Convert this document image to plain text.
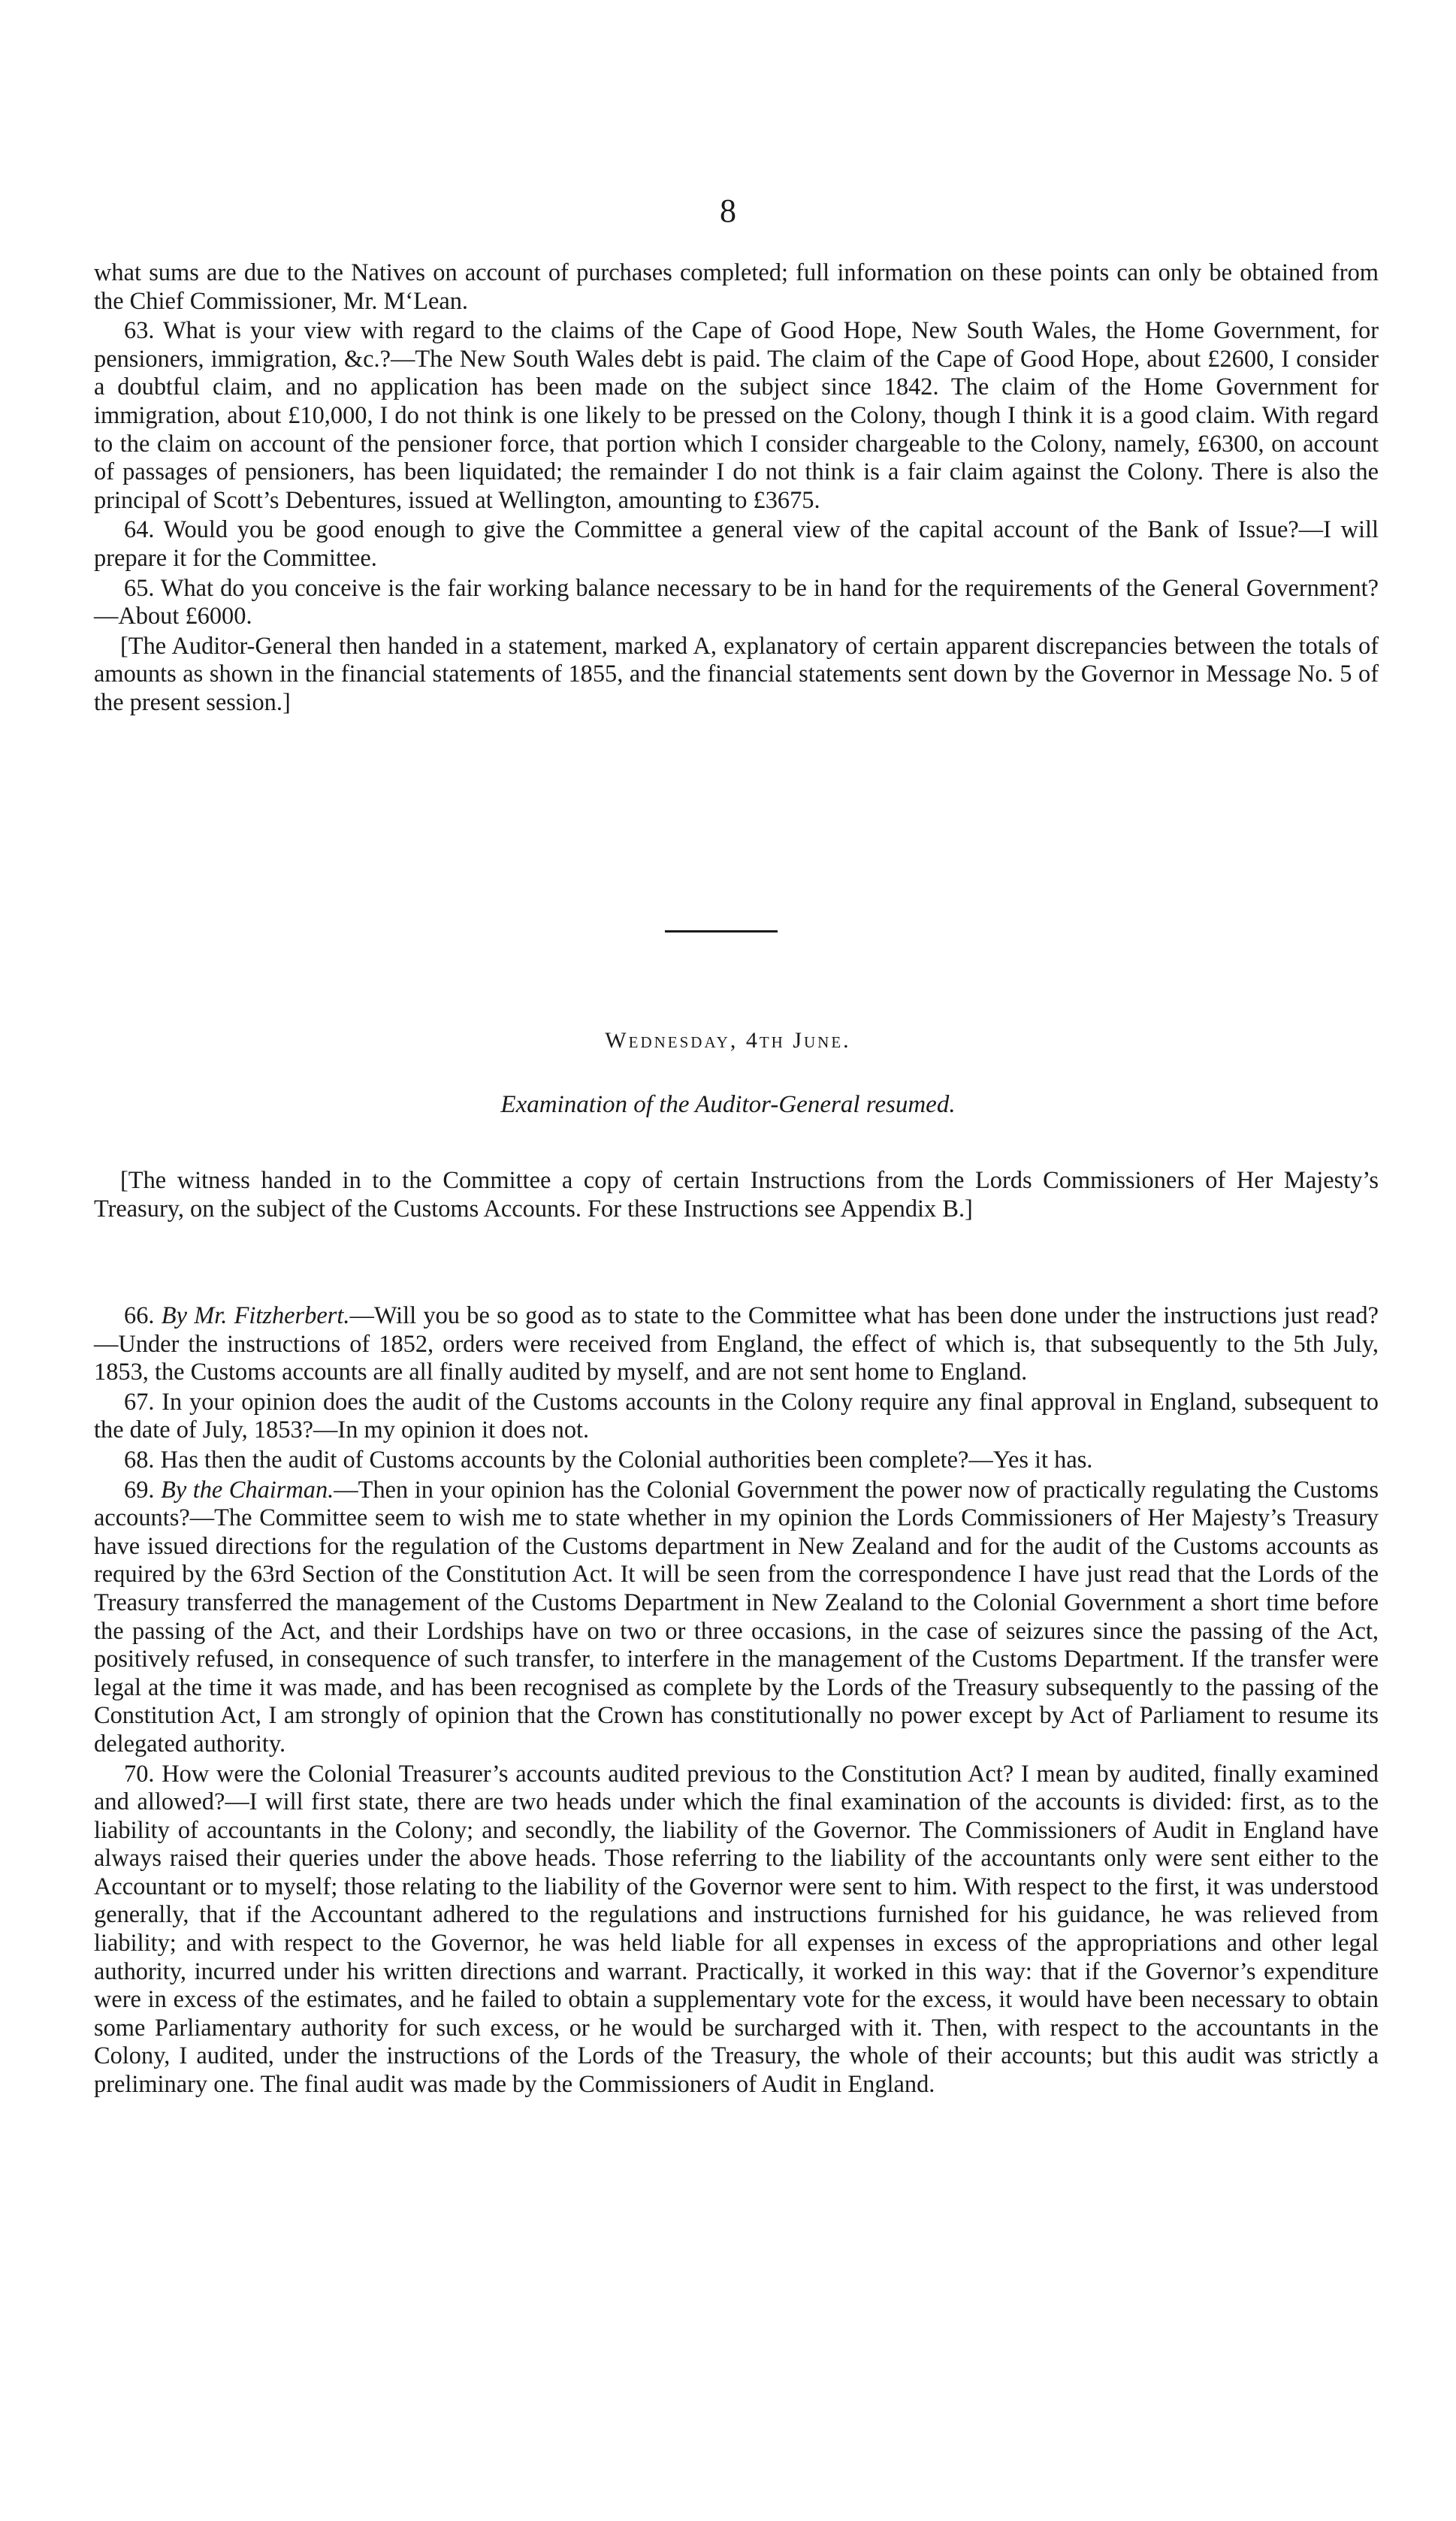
8

what sums are due to the Natives on account of purchases completed; full information on these points can only be obtained from the Chief Commissioner, Mr. M‘Lean.

63. What is your view with regard to the claims of the Cape of Good Hope, New South Wales, the Home Government, for pensioners, immigration, &c.?—The New South Wales debt is paid. The claim of the Cape of Good Hope, about £2600, I consider a doubtful claim, and no application has been made on the subject since 1842. The claim of the Home Government for immigration, about £10,000, I do not think is one likely to be pressed on the Colony, though I think it is a good claim. With regard to the claim on account of the pensioner force, that portion which I consider chargeable to the Colony, namely, £6300, on account of passages of pensioners, has been liquidated; the remainder I do not think is a fair claim against the Colony. There is also the principal of Scott’s Debentures, issued at Wellington, amounting to £3675.

64. Would you be good enough to give the Committee a general view of the capital account of the Bank of Issue?—I will prepare it for the Committee.

65. What do you conceive is the fair working balance necessary to be in hand for the requirements of the General Government?—About £6000.

[The Auditor-General then handed in a statement, marked A, explanatory of certain apparent discrepancies between the totals of amounts as shown in the financial statements of 1855, and the financial statements sent down by the Governor in Message No. 5 of the present session.]

Wednesday, 4th June.
Examination of the Auditor-General resumed.

[The witness handed in to the Committee a copy of certain Instructions from the Lords Commissioners of Her Majesty’s Treasury, on the subject of the Customs Accounts. For these Instructions see Appendix B.]

66. By Mr. Fitzherbert.—Will you be so good as to state to the Committee what has been done under the instructions just read?—Under the instructions of 1852, orders were received from England, the effect of which is, that subsequently to the 5th July, 1853, the Customs accounts are all finally audited by myself, and are not sent home to England.

67. In your opinion does the audit of the Customs accounts in the Colony require any final approval in England, subsequent to the date of July, 1853?—In my opinion it does not.

68. Has then the audit of Customs accounts by the Colonial authorities been complete?—Yes it has.

69. By the Chairman.—Then in your opinion has the Colonial Government the power now of practically regulating the Customs accounts?—The Committee seem to wish me to state whether in my opinion the Lords Commissioners of Her Majesty’s Treasury have issued directions for the regulation of the Customs department in New Zealand and for the audit of the Customs accounts as required by the 63rd Section of the Constitution Act. It will be seen from the correspondence I have just read that the Lords of the Treasury transferred the management of the Customs Department in New Zealand to the Colonial Government a short time before the passing of the Act, and their Lordships have on two or three occasions, in the case of seizures since the passing of the Act, positively refused, in consequence of such transfer, to interfere in the management of the Customs Department. If the transfer were legal at the time it was made, and has been recognised as complete by the Lords of the Treasury subsequently to the passing of the Constitution Act, I am strongly of opinion that the Crown has constitutionally no power except by Act of Parliament to resume its delegated authority.

70. How were the Colonial Treasurer’s accounts audited previous to the Constitution Act? I mean by audited, finally examined and allowed?—I will first state, there are two heads under which the final examination of the accounts is divided: first, as to the liability of accountants in the Colony; and secondly, the liability of the Governor. The Commissioners of Audit in England have always raised their queries under the above heads. Those referring to the liability of the accountants only were sent either to the Accountant or to myself; those relating to the liability of the Governor were sent to him. With respect to the first, it was understood generally, that if the Accountant adhered to the regulations and instructions furnished for his guidance, he was relieved from liability; and with respect to the Governor, he was held liable for all expenses in excess of the appropriations and other legal authority, incurred under his written directions and warrant. Practically, it worked in this way: that if the Governor’s expenditure were in excess of the estimates, and he failed to obtain a supplementary vote for the excess, it would have been necessary to obtain some Parliamentary authority for such excess, or he would be surcharged with it. Then, with respect to the accountants in the Colony, I audited, under the instructions of the Lords of the Treasury, the whole of their accounts; but this audit was strictly a preliminary one. The final audit was made by the Commissioners of Audit in England.
